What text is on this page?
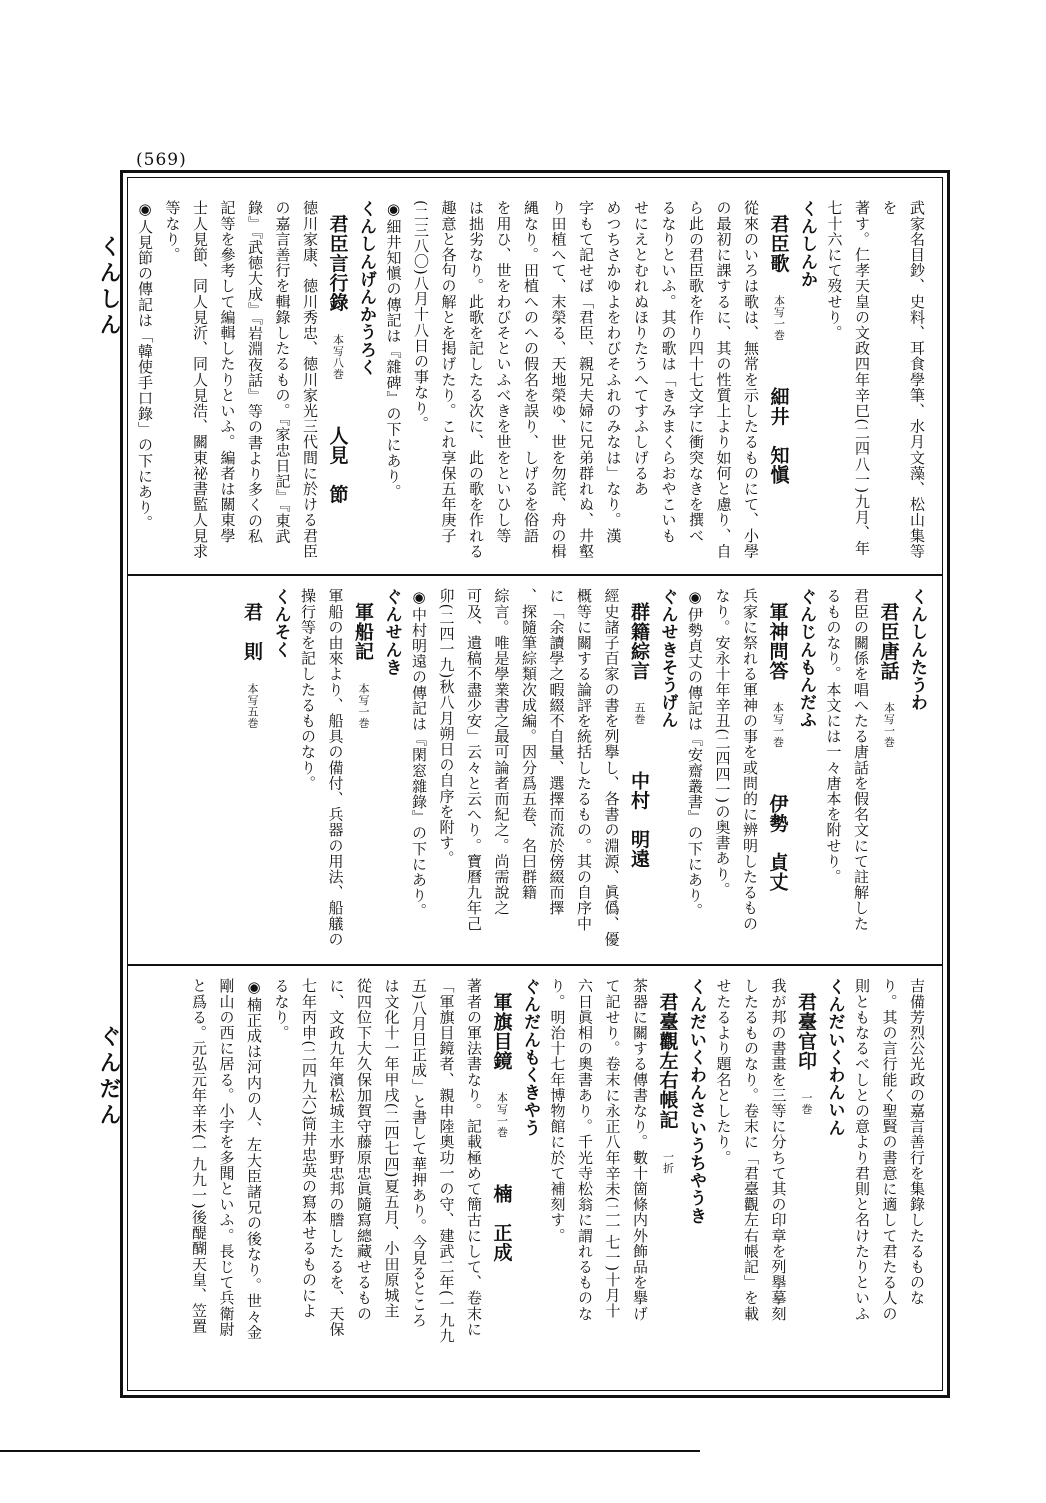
(569)
くんしん
ぐんだん
武家名目鈔、史料、耳食學筆、水月文藻、松山集等を
著す。仁孝天皇の文政四年辛巳(二四八一)九月、年
七十六にて歿せり。
くんしんか
君臣歌　本写一巻　細井　知愼
從來のいろは歌は、無常を示したるものにて、小學
の最初に課するに、其の性質上より如何と慮り、自
ら此の君臣歌を作り四十七文字に衝突なきを撰べ
るなりといふ。其の歌は「きみまくらおやこいも
せにえとむれぬほりたうへてすふしげるあ
めつちさかゆよをわびそふれのみなは」なり。漢
字もて記せば「君臣、親兄夫婦に兄弟群れぬ、井壑
り田植へて、末榮る、天地榮ゆ、世を勿詫、舟の楫
縄なり。田植へのへの假名を誤り、しげるを俗語
を用ひ、世をわびそといふべきを世をといひし等
は拙劣なり。此歌を記したる次に、此の歌を作れる
趣意と各句の解とを掲げたり。これ享保五年庚子
(二三八〇)八月十八日の事なり。
◉細井知愼の傳記は『雜碑』の下にあり。
くんしんげんかうろく
君臣言行錄　本写八巻　人見　節
徳川家康、徳川秀忠、徳川家光三代間に於ける君臣
の嘉言善行を輯錄したるもの。『家忠日記』『東武
錄』『武徳大成』『岩淵夜話』等の書より多くの私
記等を參考して編輯したりといふ。編者は關東學
士人見節、同人見沂、同人見浩、關東祕書監人見求
等なり。
◉人見節の傳記は「韓使手口錄」の下にあり。
くんしんたうわ
君臣唐話　本写一巻
君臣の關係を唱へたる唐話を假名文にて註解した
るものなり。本文には一々唐本を附せり。
ぐんじんもんだふ
軍神問答　本写一巻　伊勢　貞丈
兵家に祭れる軍神の事を或問的に辨明したるもの
なり。安永十年辛丑(二四四一)の奥書あり。
◉伊勢貞丈の傳記は『安齋叢書』の下にあり。
ぐんせきそうげん
群籍綜言　五巻　中村　明遠
經史諸子百家の書を列擧し、各書の淵源、眞僞、優
概等に關する論評を統括したるもの。其の自序中
に「余讀學之暇綴不自量、選擇而流於傍綴而擇
、探隨筆綜類次成編。因分爲五卷、名曰群籍
綜言。唯是學業書之最可論者而紀之。尚需說之
可及、遺稿不盡少安」云々と云へり。寶曆九年己
卯(二四一九)秋八月朔日の自序を附す。
◉中村明遠の傳記は『閑窓雜錄』の下にあり。
ぐんせんき
軍船記　本写一巻
軍船の由來より、船具の備付、兵器の用法、船艤の
操行等を記したるものなり。
くんそく
君　則　本写五巻
吉備芳烈公光政の嘉言善行を集錄したるものな
り。其の言行能く聖賢の書意に適して君たる人の
則ともなるべしとの意より君則と名けたりといふ
くんだいくわんいん
君臺官印　一巻
我が邦の書畫を三等に分ちて其の印章を列擧摹刻
したるものなり。卷末に「君臺觀左右帳記」を載
せたるより題名としたり。
くんだいくわんさいうちやうき
君臺觀左右帳記　一折
茶器に關する傳書なり。數十箇條内外飾品を擧げ
て記せり。卷末に永正八年辛未(二一七一)十月十
六日眞相の奧書あり。千光寺松翁に謂れるものな
り。明治十七年博物館に於て補刻す。
ぐんだんもくきやう
軍旗目鏡　本写一巻　楠　正成
著者の軍法書なり。記載極めて簡古にして、卷末に
「軍旗目鏡者、親申陸奧功一の守、建武二年(一九九
五)八月日正成」と書して華押あり。今見るところ
は文化十一年甲戌(二四七四)夏五月、小田原城主
從四位下大久保加賀守藤原忠眞隨寫總藏せるもの
に、文政九年濱松城主水野忠邦の謄したるを、天保
七年丙申(二四九六)筒井忠英の寫本せるものによ
るなり。
◉楠正成は河内の人、左大臣諸兄の後なり。世々金
剛山の西に居る。小字を多聞といふ。長じて兵衛尉
と爲る。元弘元年辛未(一九九一)後醍醐天皇、笠置
